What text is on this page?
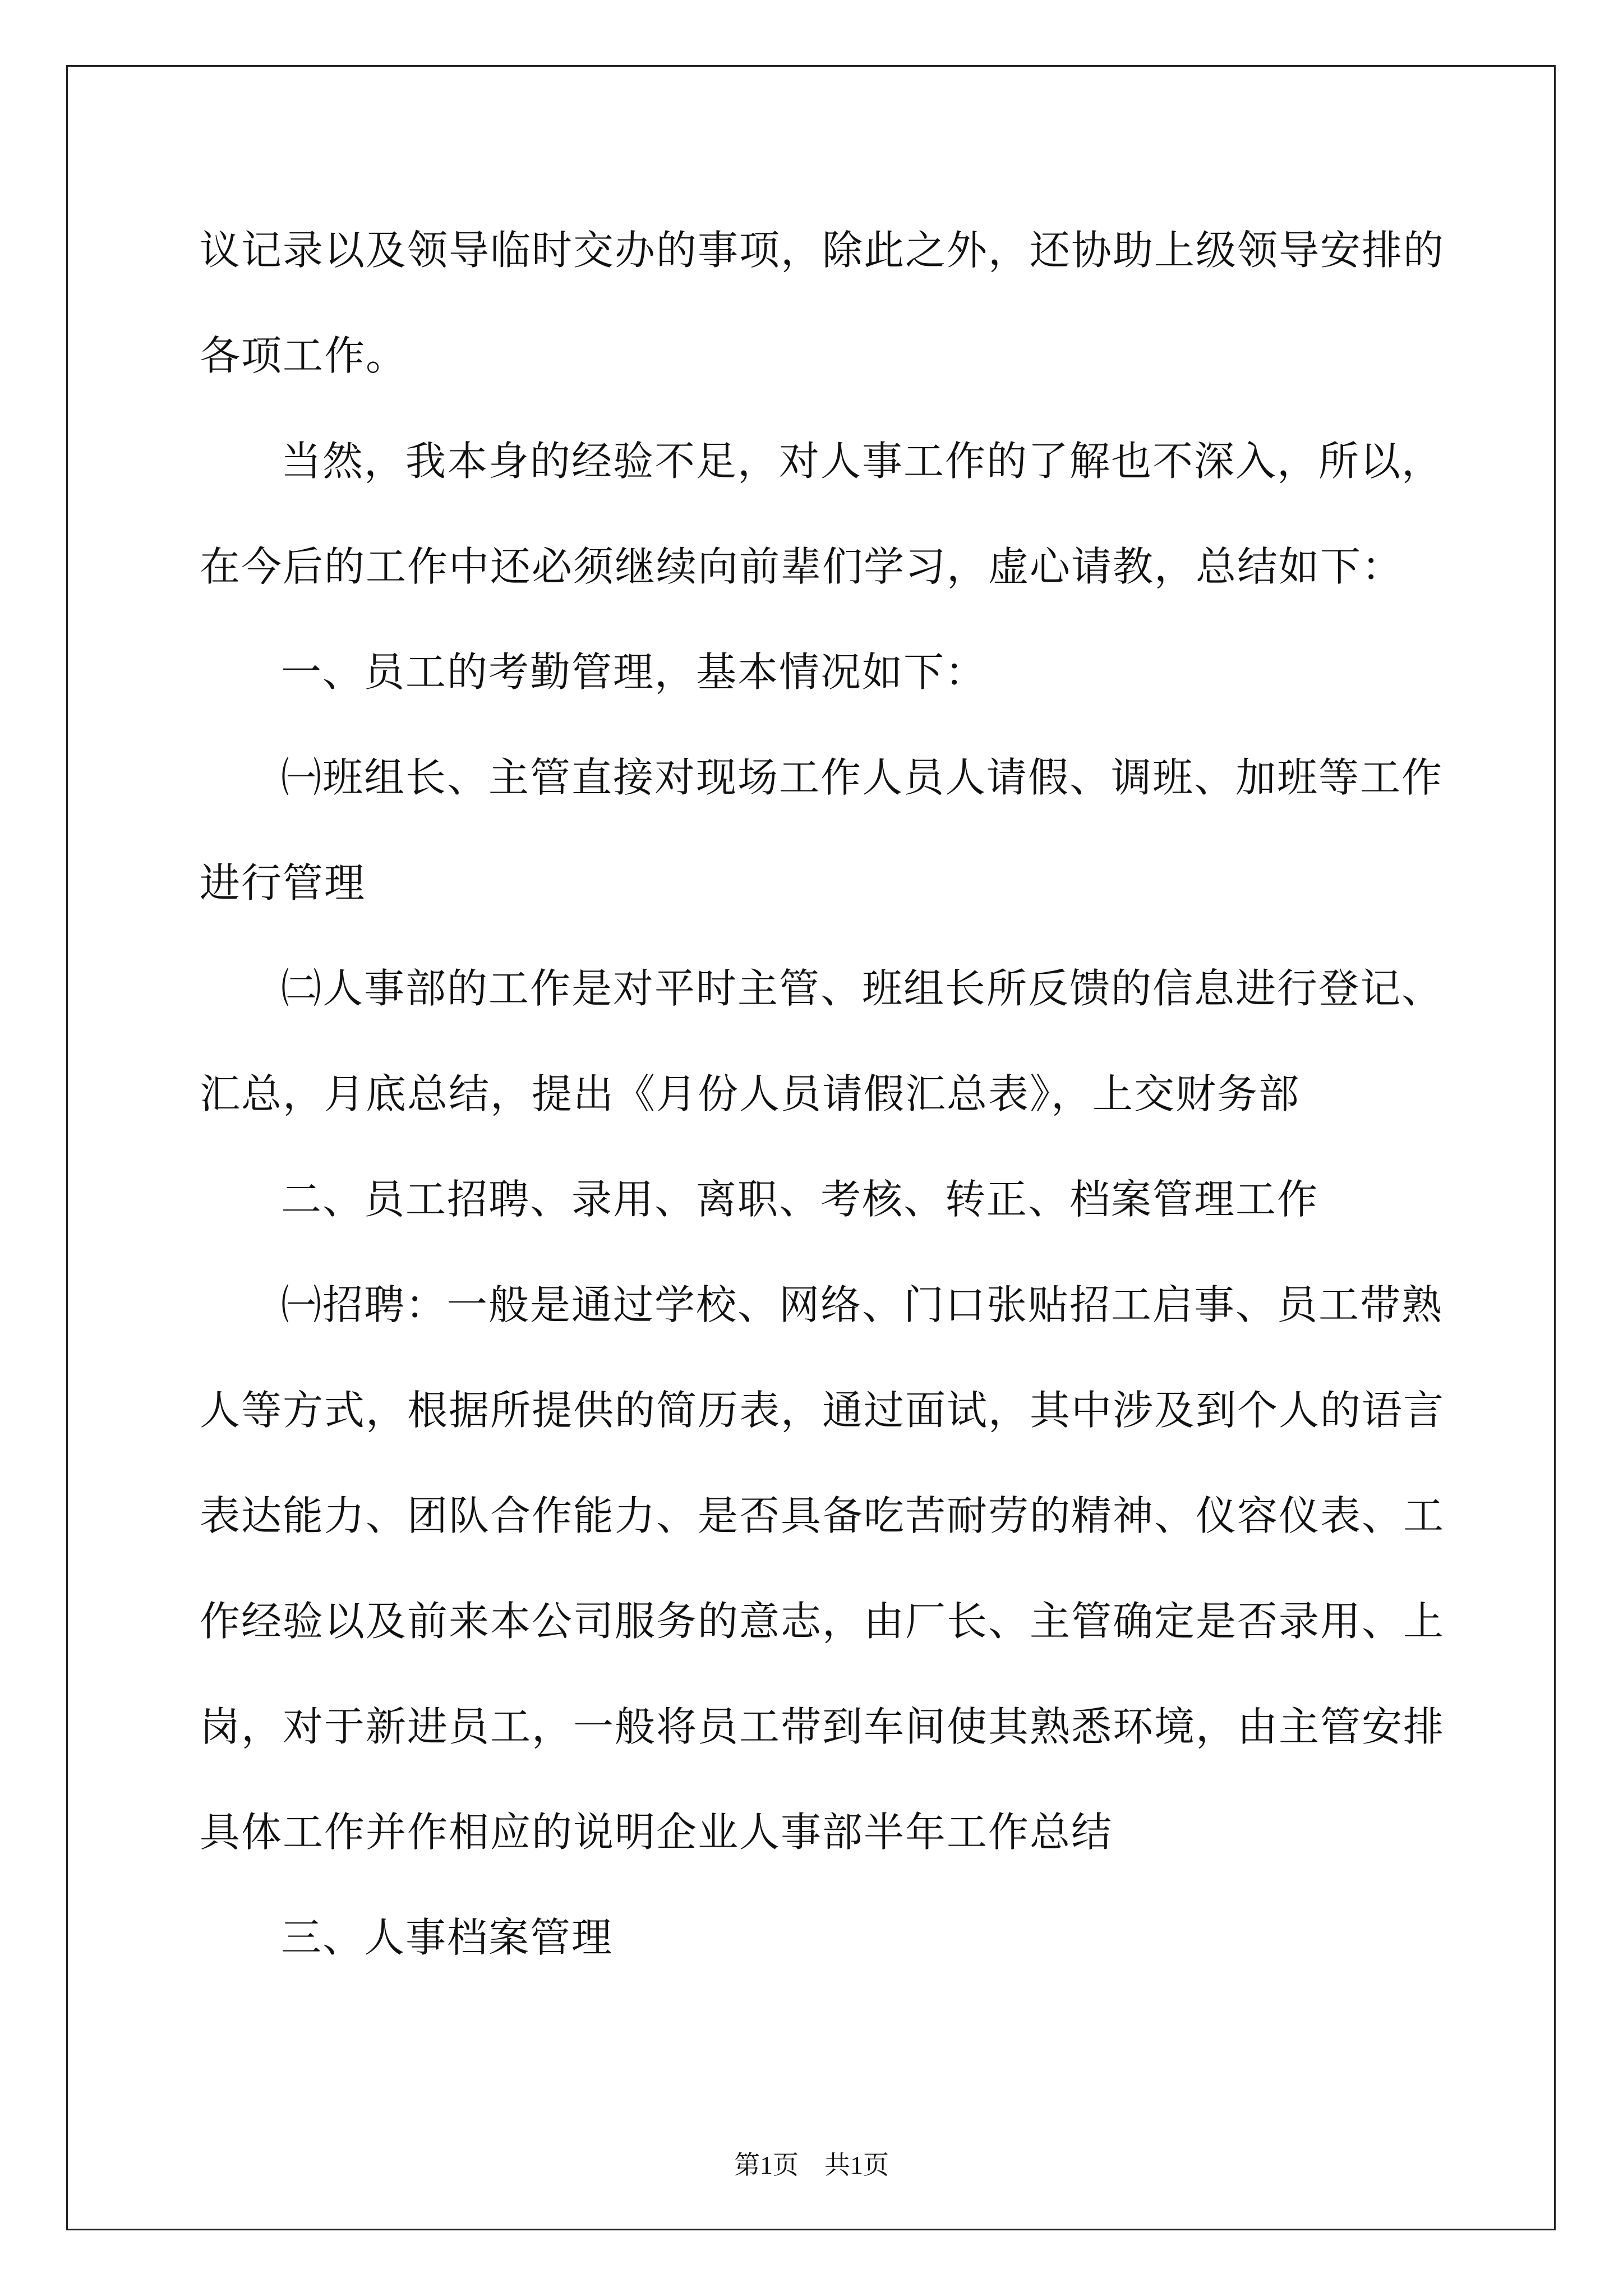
议记录以及领导临时交办的事项，除此之外，还协助上级领导安排的
各项工作。
当然，我本身的经验不足，对人事工作的了解也不深入，所以，
在今后的工作中还必须继续向前辈们学习，虚心请教，总结如下：
一、员工的考勤管理，基本情况如下：
㈠班组长、主管直接对现场工作人员人请假、调班、加班等工作
进行管理
㈡人事部的工作是对平时主管、班组长所反馈的信息进行登记、
汇总，月底总结，提出《月份人员请假汇总表》，上交财务部
二、员工招聘、录用、离职、考核、转正、档案管理工作
㈠招聘：一般是通过学校、网络、门口张贴招工启事、员工带熟
人等方式，根据所提供的简历表，通过面试，其中涉及到个人的语言
表达能力、团队合作能力、是否具备吃苦耐劳的精神、仪容仪表、工
作经验以及前来本公司服务的意志，由厂长、主管确定是否录用、上
岗，对于新进员工，一般将员工带到车间使其熟悉环境，由主管安排
具体工作并作相应的说明企业人事部半年工作总结
三、人事档案管理
第1页　共1页
